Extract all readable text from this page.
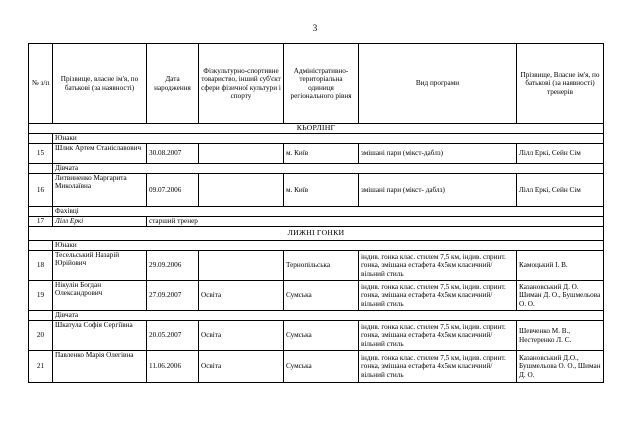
3
№ з/п	Прізвище, власне ім'я, по батькові (за наявності)	Дата народження	Фізкультурно-спортивне товариство, інший суб'єкт сфери фізичної культури і спорту	Адміністративно-територіальна одиниця регіонального рівня	Вид програми	Прізвище, Власне ім'я, по батькові (за наявності) тренерів
КЬОРЛІНГ						
	Юнаки					
15	Шлик Артем Станіславович	30.08.2007		м. Київ	змішані пари (мікст-даблз)	Лілл Еркі, Сейн Сім
	Дівчата					
16	Литвиненко Маргарита Миколаївна	09.07.2006		м. Київ	змішані пари (мікст- даблз)	Лілл Еркі, Сейн Сім
	Фахівці					
17	Лілл Еркі	старший тренер				
ЛИЖНІ ГОНКИ						
	Юнаки					
18	Тесельський Назарій Юрійович	29.09.2006		Тернопільська	індив. гонка клас. стилем 7,5 км, індив. спринт. гонка, змішана естафета 4х5км класичний/вільний стиль	Камоцький І. В.
19	Нікулін Богдан Олександрович	27.09.2007	Освіта	Сумська	індив. гонка клас. стилем 7,5 км, індив. спринт. гонка, змішана естафета 4х5км класичний/вільний стиль	Казановський Д. О. Шиман Д. О., Бушмельова О. О.
	Дівчата					
20	Шкатула Софія Сергіївна	20.05.2007	Освіта	Сумська	індив. гонка клас. стилем 7,5 км, індив. спринт. гонка, змішана естафета 4х5км класичний/вільний стиль	Шевченко М. В., Нестеренко Л. С.
21	Павленко Марія Олегівна	11.06.2006	Освіта	Сумська	індив. гонка клас. стилем 7,5 км, індив. спринт. гонка, змішана естафета 4х5км класичний/вільний стиль	Казановський Д.О., Бушмельова О. О., Шиман Д. О.
